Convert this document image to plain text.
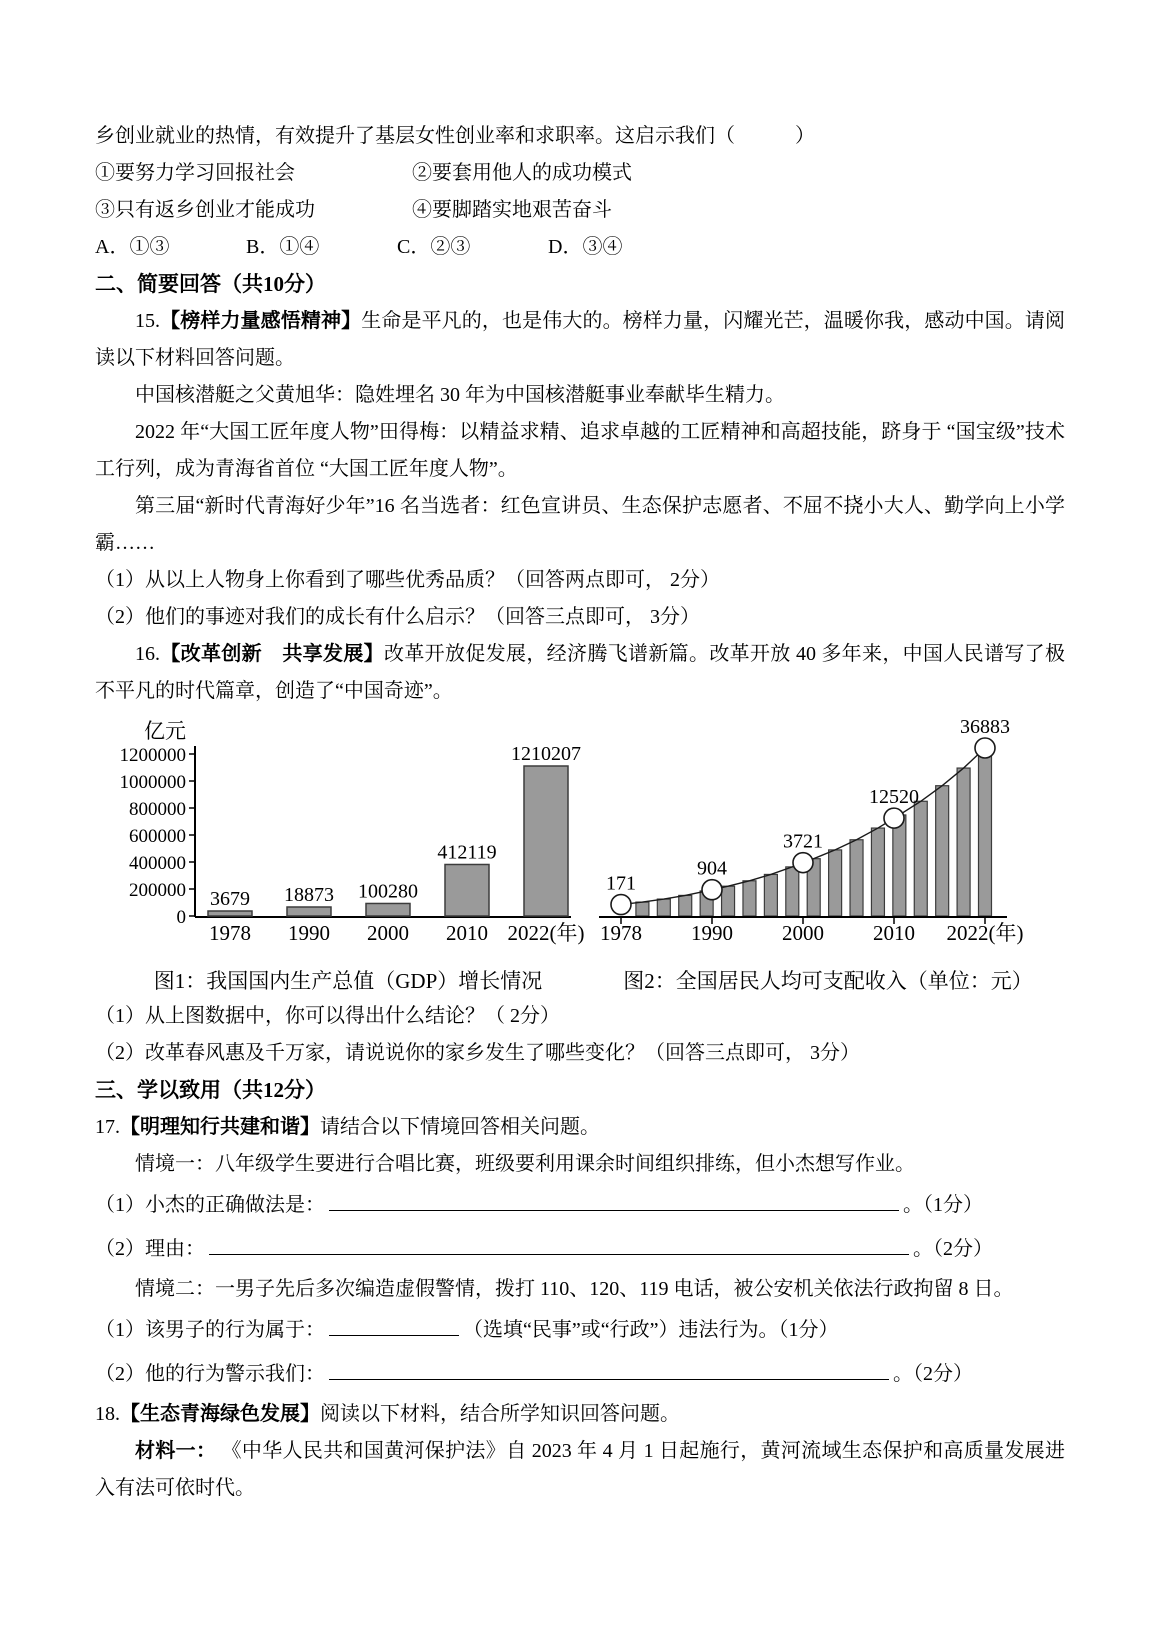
乡创业就业的热情，有效提升了基层女性创业率和求职率。这启示我们（　　　）
①要努力学习回报社会	②要套用他人的成功模式
③只有返乡创业才能成功	④要脚踏实地艰苦奋斗
A．①③	B．①④	C．②③	D．③④
二、简要回答（共10分）
15.【榜样力量感悟精神】生命是平凡的，也是伟大的。榜样力量，闪耀光芒，温暖你我，感动中国。请阅读以下材料回答问题。
中国核潜艇之父黄旭华：隐姓埋名 30 年为中国核潜艇事业奉献毕生精力。
2022 年“大国工匠年度人物”田得梅：以精益求精、追求卓越的工匠精神和高超技能，跻身于 “国宝级”技术工行列，成为青海省首位 “大国工匠年度人物”。
第三届“新时代青海好少年”16 名当选者：红色宣讲员、生态保护志愿者、不屈不挠小大人、勤学向上小学霸……
（1）从以上人物身上你看到了哪些优秀品质？（回答两点即可， 2分）
（2）他们的事迹对我们的成长有什么启示？（回答三点即可， 3分）
16.【改革创新　共享发展】改革开放促发展，经济腾飞谱新篇。改革开放 40 多年来，中国人民谱写了极不平凡的时代篇章，创造了“中国奇迹”。
亿元
0
200000
400000
600000
800000
1000000
1200000
3679
1978
18873
1990
100280
2000
412119
2010
1210207
2022(年)
171
1978
904
1990
3721
2000
12520
2010
36883
2022(年)
图1：我国国内生产总值（GDP）增长情况	图2：全国居民人均可支配收入（单位：元）
（1）从上图数据中，你可以得出什么结论？（ 2分）
（2）改革春风惠及千万家，请说说你的家乡发生了哪些变化？（回答三点即可， 3分）
三、学以致用（共12分）
17.【明理知行共建和谐】请结合以下情境回答相关问题。
情境一：八年级学生要进行合唱比赛，班级要利用课余时间组织排练，但小杰想写作业。
（1）小杰的正确做法是：	。（1分）
（2）理由：	。（2分）
情境二：一男子先后多次编造虚假警情，拨打 110、120、119 电话，被公安机关依法行政拘留 8 日。
（1）该男子的行为属于：	（选填“民事”或“行政”）违法行为。（1分）
（2）他的行为警示我们：	。（2分）
18.【生态青海绿色发展】阅读以下材料，结合所学知识回答问题。
材料一： 《中华人民共和国黄河保护法》自 2023 年 4 月 1 日起施行，黄河流域生态保护和高质量发展进入有法可依时代。
